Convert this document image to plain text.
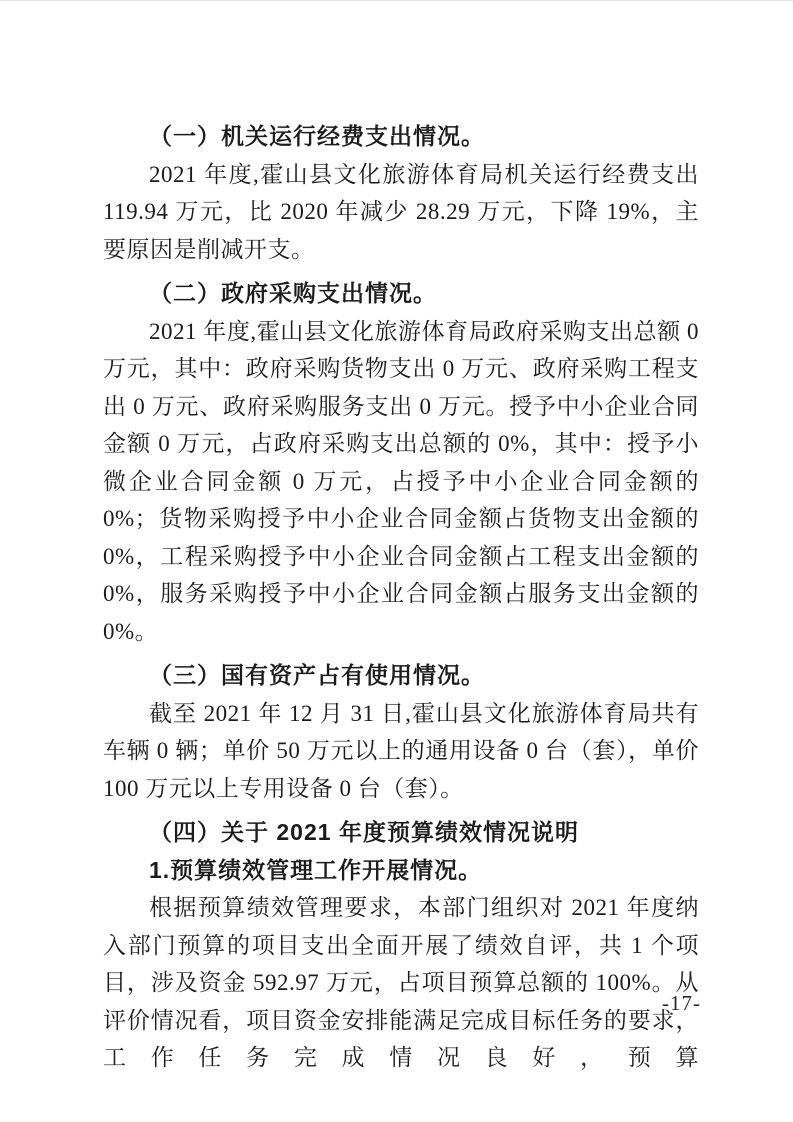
（一）机关运行经费支出情况。

2021 年度,霍山县文化旅游体育局机关运行经费支出 119.94 万元，比 2020 年减少 28.29 万元，下降 19%，主要原因是削减开支。

（二）政府采购支出情况。

2021 年度,霍山县文化旅游体育局政府采购支出总额 0 万元，其中：政府采购货物支出 0 万元、政府采购工程支出 0 万元、政府采购服务支出 0 万元。授予中小企业合同金额 0 万元，占政府采购支出总额的 0%，其中：授予小微企业合同金额 0 万元，占授予中小企业合同金额的 0%；货物采购授予中小企业合同金额占货物支出金额的 0%，工程采购授予中小企业合同金额占工程支出金额的 0%，服务采购授予中小企业合同金额占服务支出金额的 0%。

（三）国有资产占有使用情况。

截至 2021 年 12 月 31 日,霍山县文化旅游体育局共有车辆 0 辆；单价 50 万元以上的通用设备 0 台（套），单价 100 万元以上专用设备 0 台（套）。

（四）关于 2021 年度预算绩效情况说明
1.预算绩效管理工作开展情况。

根据预算绩效管理要求，本部门组织对 2021 年度纳入部门预算的项目支出全面开展了绩效自评，共 1 个项目，涉及资金 592.97 万元，占项目预算总额的 100%。从评价情况看，项目资金安排能满足完成目标任务的要求，工作任务完成情况良好，预算

-17-
